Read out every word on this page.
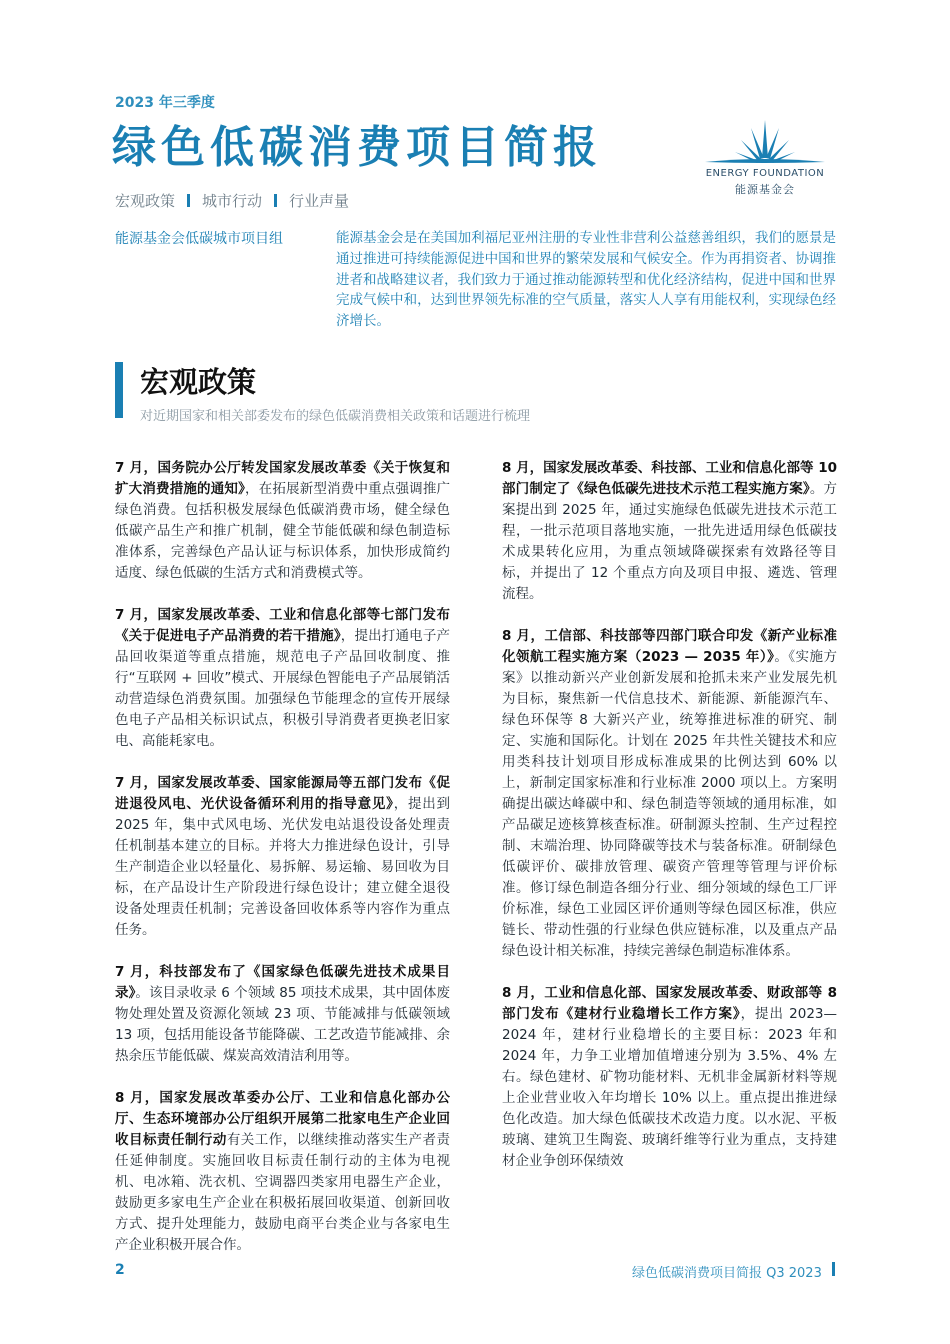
2023 年三季度
绿色低碳消费项目简报
ENERGY FOUNDATION
能源基金会
宏观政策 城市行动 行业声量
能源基金会低碳城市项目组	能源基金会是在美国加利福尼亚州注册的专业性非营利公益慈善组织，我们的愿景是通过推进可持续能源促进中国和世界的繁荣发展和气候安全。作为再捐资者、协调推进者和战略建议者，我们致力于通过推动能源转型和优化经济结构，促进中国和世界完成气候中和，达到世界领先标准的空气质量，落实人人享有用能权利，实现绿色经济增长。
宏观政策
对近期国家和相关部委发布的绿色低碳消费相关政策和话题进行梳理

7 月，国务院办公厅转发国家发展改革委《关于恢复和扩大消费措施的通知》，在拓展新型消费中重点强调推广绿色消费。包括积极发展绿色低碳消费市场，健全绿色低碳产品生产和推广机制，健全节能低碳和绿色制造标准体系，完善绿色产品认证与标识体系，加快形成简约适度、绿色低碳的生活方式和消费模式等。

7 月，国家发展改革委、工业和信息化部等七部门发布《关于促进电子产品消费的若干措施》，提出打通电子产品回收渠道等重点措施，规范电子产品回收制度、推行“互联网 + 回收”模式、开展绿色智能电子产品展销活动营造绿色消费氛围。加强绿色节能理念的宣传开展绿色电子产品相关标识试点，积极引导消费者更换老旧家电、高能耗家电。

7 月，国家发展改革委、国家能源局等五部门发布《促进退役风电、光伏设备循环利用的指导意见》，提出到 2025 年，集中式风电场、光伏发电站退役设备处理责任机制基本建立的目标。并将大力推进绿色设计，引导生产制造企业以轻量化、易拆解、易运输、易回收为目标，在产品设计生产阶段进行绿色设计；建立健全退役设备处理责任机制；完善设备回收体系等内容作为重点任务。

7 月，科技部发布了《国家绿色低碳先进技术成果目录》。该目录收录 6 个领域 85 项技术成果，其中固体废物处理处置及资源化领域 23 项、节能减排与低碳领域 13 项，包括用能设备节能降碳、工艺改造节能减排、余热余压节能低碳、煤炭高效清洁利用等。

8 月，国家发展改革委办公厅、工业和信息化部办公厅、生态环境部办公厅组织开展第二批家电生产企业回收目标责任制行动有关工作，以继续推动落实生产者责任延伸制度。实施回收目标责任制行动的主体为电视机、电冰箱、洗衣机、空调器四类家用电器生产企业，鼓励更多家电生产企业在积极拓展回收渠道、创新回收方式、提升处理能力，鼓励电商平台类企业与各家电生产企业积极开展合作。

8 月，国家发展改革委、科技部、工业和信息化部等 10 部门制定了《绿色低碳先进技术示范工程实施方案》。方案提出到 2025 年，通过实施绿色低碳先进技术示范工程，一批示范项目落地实施，一批先进适用绿色低碳技术成果转化应用，为重点领域降碳探索有效路径等目标，并提出了 12 个重点方向及项目申报、遴选、管理流程。

8 月，工信部、科技部等四部门联合印发《新产业标准化领航工程实施方案（2023 — 2035 年）》。《实施方案》以推动新兴产业创新发展和抢抓未来产业发展先机为目标，聚焦新一代信息技术、新能源、新能源汽车、绿色环保等 8 大新兴产业，统筹推进标准的研究、制定、实施和国际化。计划在 2025 年共性关键技术和应用类科技计划项目形成标准成果的比例达到 60% 以上，新制定国家标准和行业标准 2000 项以上。方案明确提出碳达峰碳中和、绿色制造等领域的通用标准，如产品碳足迹核算核查标准。研制源头控制、生产过程控制、末端治理、协同降碳等技术与装备标准。研制绿色低碳评价、碳排放管理、碳资产管理等管理与评价标准。修订绿色制造各细分行业、细分领域的绿色工厂评价标准，绿色工业园区评价通则等绿色园区标准，供应链长、带动性强的行业绿色供应链标准，以及重点产品绿色设计相关标准，持续完善绿色制造标准体系。

8 月，工业和信息化部、国家发展改革委、财政部等 8 部门发布《建材行业稳增长工作方案》，提出 2023—2024 年，建材行业稳增长的主要目标：2023 年和 2024 年，力争工业增加值增速分别为 3.5%、4% 左右。绿色建材、矿物功能材料、无机非金属新材料等规上企业营业收入年均增长 10% 以上。重点提出推进绿色化改造。加大绿色低碳技术改造力度。以水泥、平板玻璃、建筑卫生陶瓷、玻璃纤维等行业为重点，支持建材企业争创环保绩效

2	绿色低碳消费项目简报 Q3 2023
